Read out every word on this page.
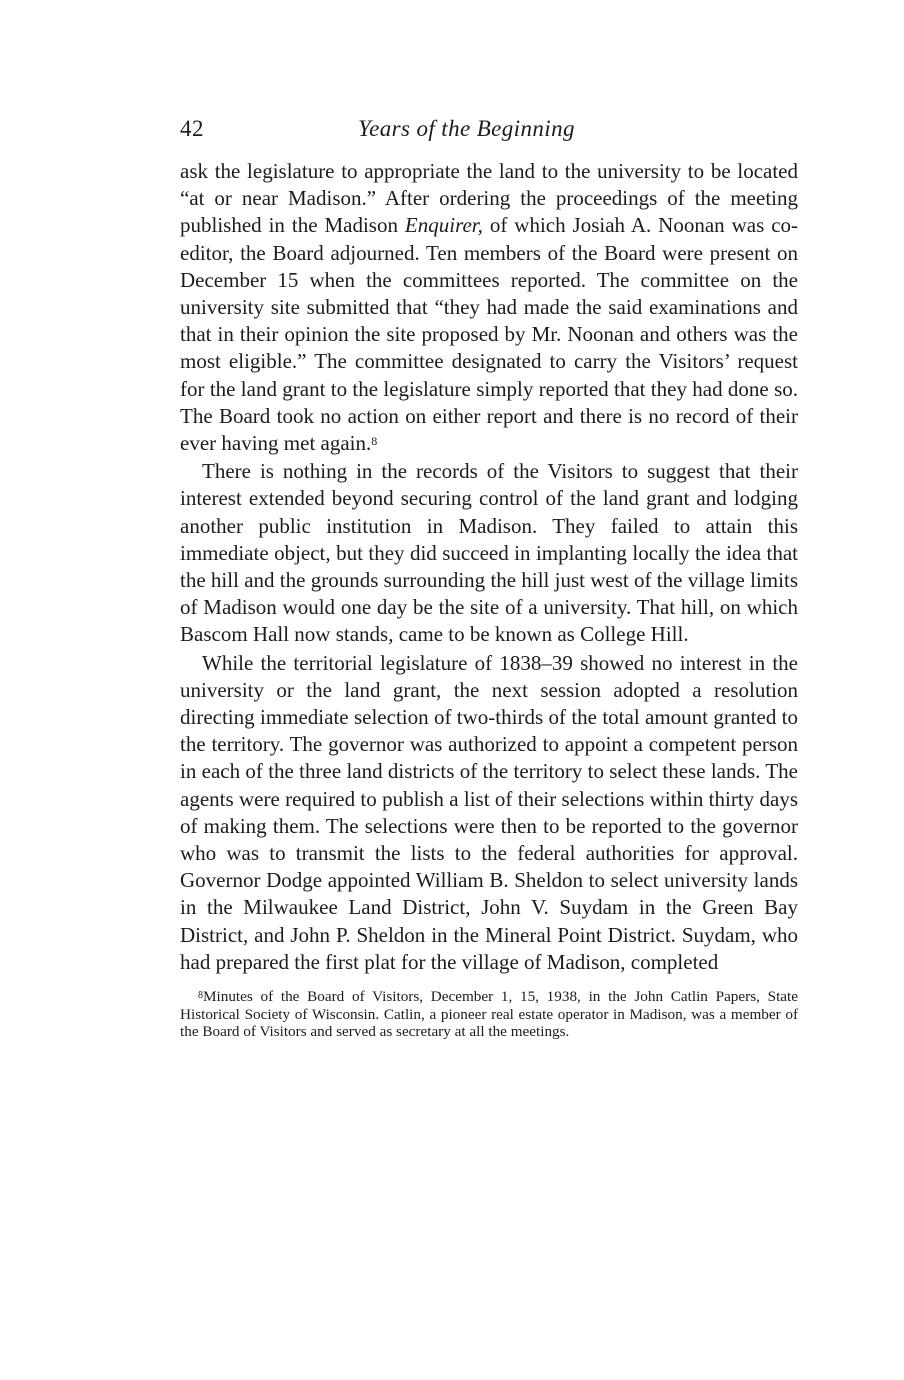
42	Years of the Beginning

ask the legislature to appropriate the land to the university to be located “at or near Madison.” After ordering the proceedings of the meeting published in the Madison Enquirer, of which Josiah A. Noonan was co-editor, the Board adjourned. Ten members of the Board were present on December 15 when the committees reported. The committee on the university site submitted that “they had made the said examinations and that in their opinion the site proposed by Mr. Noonan and others was the most eligible.” The committee designated to carry the Visitors’ request for the land grant to the legislature simply reported that they had done so. The Board took no action on either report and there is no record of their ever having met again.$^8$

There is nothing in the records of the Visitors to suggest that their interest extended beyond securing control of the land grant and lodging another public institution in Madison. They failed to attain this immediate object, but they did succeed in implanting locally the idea that the hill and the grounds surrounding the hill just west of the village limits of Madison would one day be the site of a university. That hill, on which Bascom Hall now stands, came to be known as College Hill.

While the territorial legislature of 1838–39 showed no interest in the university or the land grant, the next session adopted a resolution directing immediate selection of two-thirds of the total amount granted to the territory. The governor was authorized to appoint a competent person in each of the three land districts of the territory to select these lands. The agents were required to publish a list of their selections within thirty days of making them. The selections were then to be reported to the governor who was to transmit the lists to the federal authorities for approval. Governor Dodge appointed William B. Sheldon to select university lands in the Milwaukee Land District, John V. Suydam in the Green Bay District, and John P. Sheldon in the Mineral Point District. Suydam, who had prepared the first plat for the village of Madison, completed

$^8$Minutes of the Board of Visitors, December 1, 15, 1938, in the John Catlin Papers, State Historical Society of Wisconsin. Catlin, a pioneer real estate operator in Madison, was a member of the Board of Visitors and served as secretary at all the meetings.
